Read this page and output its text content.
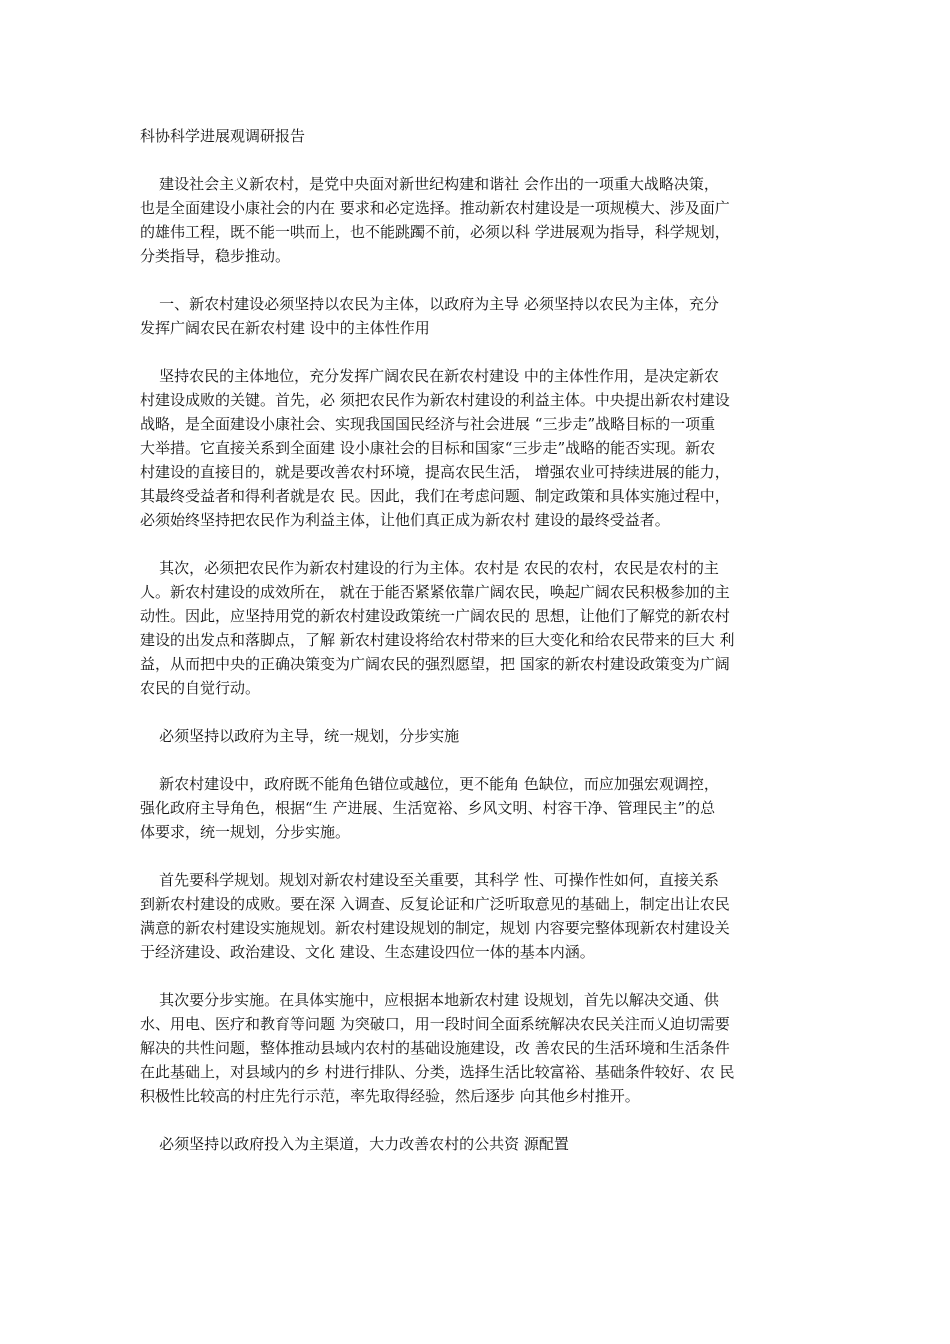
科协科学进展观调研报告
建设社会主义新农村，是党中央面对新世纪构建和谐社 会作出的一项重大战略决策，
也是全面建设小康社会的内在 要求和必定选择。推动新农村建设是一项规模大、涉及面广
的雄伟工程，既不能一哄而上，也不能跳躅不前，必须以科 学进展观为指导，科学规划，
分类指导，稳步推动。
一、新农村建设必须坚持以农民为主体，以政府为主导 必须坚持以农民为主体，充分
发挥广阔农民在新农村建 设中的主体性作用
坚持农民的主体地位，充分发挥广阔农民在新农村建设 中的主体性作用，是决定新农
村建设成败的关键。首先，必 须把农民作为新农村建设的利益主体。中央提出新农村建设
战略，是全面建设小康社会、实现我国国民经济与社会进展 “三步走”战略目标的一项重
大举措。它直接关系到全面建 设小康社会的目标和国家“三步走”战略的能否实现。新农
村建设的直接目的，就是要改善农村环境，提高农民生活， 增强农业可持续进展的能力，
其最终受益者和得利者就是农 民。因此，我们在考虑问题、制定政策和具体实施过程中，
必须始终坚持把农民作为利益主体，让他们真正成为新农村 建设的最终受益者。
其次，必须把农民作为新农村建设的行为主体。农村是 农民的农村，农民是农村的主
人。新农村建设的成效所在， 就在于能否紧紧依靠广阔农民，唤起广阔农民积极参加的主
动性。因此，应坚持用党的新农村建设政策统一广阔农民的 思想，让他们了解党的新农村
建设的出发点和落脚点，了解 新农村建设将给农村带来的巨大变化和给农民带来的巨大 利
益，从而把中央的正确决策变为广阔农民的强烈愿望，把 国家的新农村建设政策变为广阔
农民的自觉行动。
必须坚持以政府为主导，统一规划，分步实施
新农村建设中，政府既不能角色错位或越位，更不能角 色缺位，而应加强宏观调控，
强化政府主导角色，根据“生 产进展、生活宽裕、乡风文明、村容干净、管理民主”的总
体要求，统一规划，分步实施。
首先要科学规划。规划对新农村建设至关重要，其科学 性、可操作性如何，直接关系
到新农村建设的成败。要在深 入调查、反复论证和广泛听取意见的基础上，制定出让农民
满意的新农村建设实施规划。新农村建设规划的制定，规划 内容要完整体现新农村建设关
于经济建设、政治建设、文化 建设、生态建设四位一体的基本内涵。
其次要分步实施。在具体实施中，应根据本地新农村建 设规划，首先以解决交通、供
水、用电、医疗和教育等问题 为突破口，用一段时间全面系统解决农民关注而乂迫切需要
解决的共性问题，整体推动县域内农村的基础设施建设，改 善农民的生活环境和生活条件
在此基础上，对县域内的乡 村进行排队、分类，选择生活比较富裕、基础条件较好、农 民
积极性比较高的村庄先行示范，率先取得经验，然后逐步 向其他乡村推开。
必须坚持以政府投入为主渠道，大力改善农村的公共资 源配置
